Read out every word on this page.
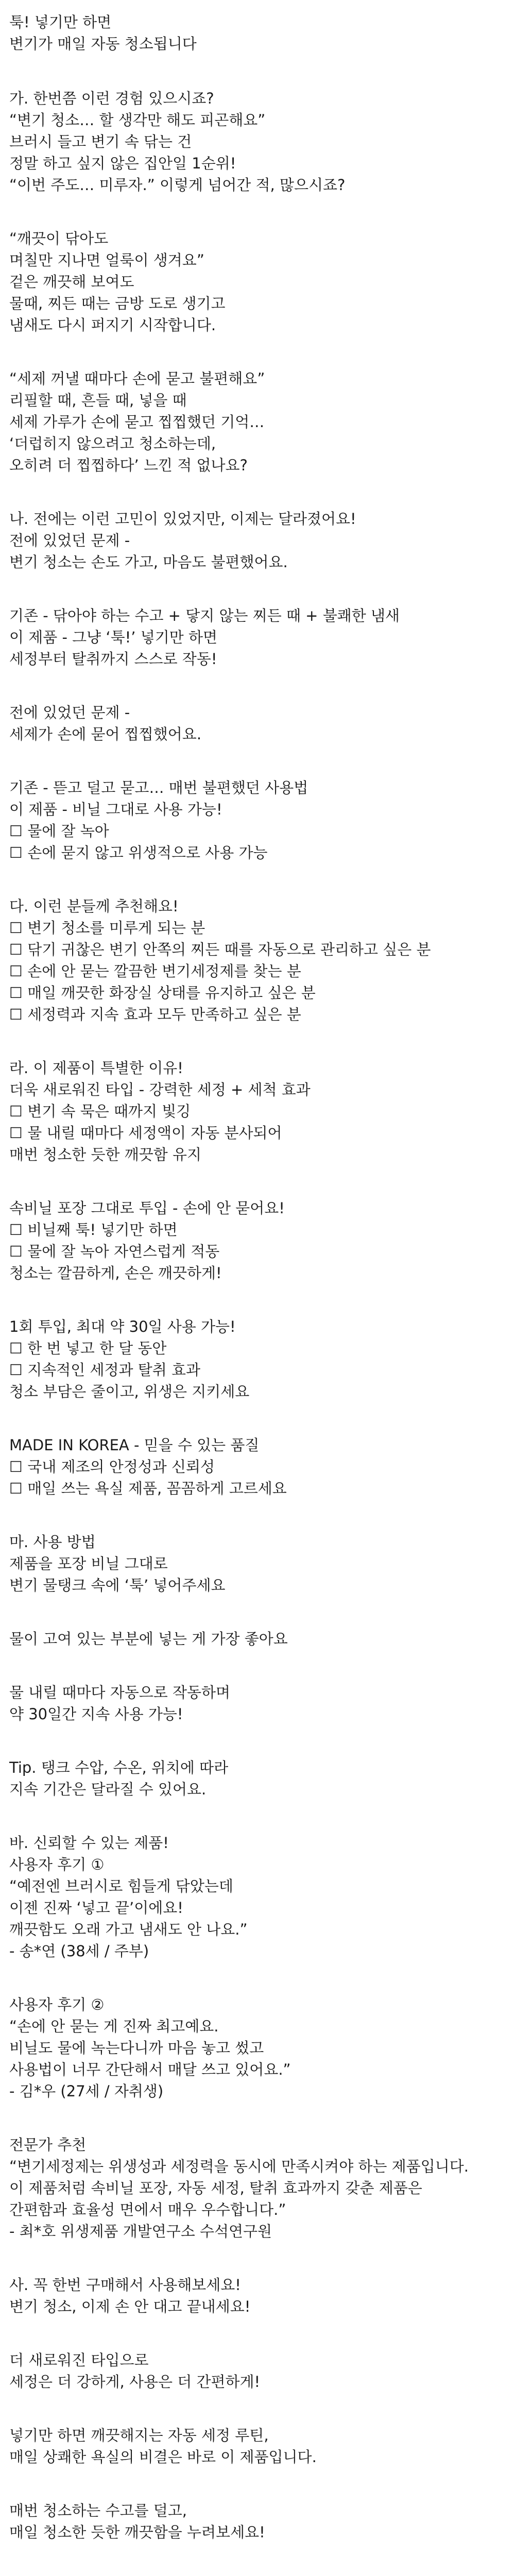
툭! 넣기만 하면
변기가 매일 자동 청소됩니다
가. 한번쯤 이런 경험 있으시죠?
“변기 청소… 할 생각만 해도 피곤해요”
브러시 들고 변기 속 닦는 건
정말 하고 싶지 않은 집안일 1순위!
“이번 주도… 미루자.” 이렇게 넘어간 적, 많으시죠?
“깨끗이 닦아도
며칠만 지나면 얼룩이 생겨요”
겉은 깨끗해 보여도
물때, 찌든 때는 금방 도로 생기고
냄새도 다시 퍼지기 시작합니다.
“세제 꺼낼 때마다 손에 묻고 불편해요”
리필할 때, 흔들 때, 넣을 때
세제 가루가 손에 묻고 찝찝했던 기억…
‘더럽히지 않으려고 청소하는데,
오히려 더 찝찝하다’ 느낀 적 없나요?
나. 전에는 이런 고민이 있었지만, 이제는 달라졌어요!
전에 있었던 문제 -
변기 청소는 손도 가고, 마음도 불편했어요.
기존 - 닦아야 하는 수고 + 닿지 않는 찌든 때 + 불쾌한 냄새
이 제품 - 그냥 ‘툭!’ 넣기만 하면
세정부터 탈취까지 스스로 작동!
전에 있었던 문제 -
세제가 손에 묻어 찝찝했어요.
기존 - 뜯고 덜고 묻고… 매번 불편했던 사용법
이 제품 - 비닐 그대로 사용 가능!
☐ 물에 잘 녹아
☐ 손에 묻지 않고 위생적으로 사용 가능
다. 이런 분들께 추천해요!
☐ 변기 청소를 미루게 되는 분
☐ 닦기 귀찮은 변기 안쪽의 찌든 때를 자동으로 관리하고 싶은 분
☐ 손에 안 묻는 깔끔한 변기세정제를 찾는 분
☐ 매일 깨끗한 화장실 상태를 유지하고 싶은 분
☐ 세정력과 지속 효과 모두 만족하고 싶은 분
라. 이 제품이 특별한 이유!
더욱 새로워진 타입 - 강력한 세정 + 세척 효과
☐ 변기 속 묵은 때까지 빛깅
☐ 물 내릴 때마다 세정액이 자동 분사되어
매번 청소한 듯한 깨끗함 유지
속비닐 포장 그대로 투입 - 손에 안 묻어요!
☐ 비닐째 툭! 넣기만 하면
☐ 물에 잘 녹아 자연스럽게 적동
청소는 깔끔하게, 손은 깨끗하게!
1회 투입, 최대 약 30일 사용 가능!
☐ 한 번 넣고 한 달 동안
☐ 지속적인 세정과 탈취 효과
청소 부담은 줄이고, 위생은 지키세요
MADE IN KOREA - 믿을 수 있는 품질
☐ 국내 제조의 안정성과 신뢰성
☐ 매일 쓰는 욕실 제품, 꼼꼼하게 고르세요
마. 사용 방법
제품을 포장 비닐 그대로
변기 물탱크 속에 ‘툭’ 넣어주세요
물이 고여 있는 부분에 넣는 게 가장 좋아요
물 내릴 때마다 자동으로 작동하며
약 30일간 지속 사용 가능!
Tip. 탱크 수압, 수온, 위치에 따라
지속 기간은 달라질 수 있어요.
바. 신뢰할 수 있는 제품!
사용자 후기 ①
“예전엔 브러시로 힘들게 닦았는데
이젠 진짜 ‘넣고 끝’이에요!
깨끗함도 오래 가고 냄새도 안 나요.”
- 송*연 (38세 / 주부)
사용자 후기 ②
“손에 안 묻는 게 진짜 최고예요.
비닐도 물에 녹는다니까 마음 놓고 썼고
사용법이 너무 간단해서 매달 쓰고 있어요.”
- 김*우 (27세 / 자취생)
전문가 추천
“변기세정제는 위생성과 세정력을 동시에 만족시켜야 하는 제품입니다.
이 제품처럼 속비닐 포장, 자동 세정, 탈취 효과까지 갖춘 제품은
간편함과 효율성 면에서 매우 우수합니다.”
- 최*호 위생제품 개발연구소 수석연구원
사. 꼭 한번 구매해서 사용해보세요!
변기 청소, 이제 손 안 대고 끝내세요!
더 새로워진 타입으로
세정은 더 강하게, 사용은 더 간편하게!
넣기만 하면 깨끗해지는 자동 세정 루틴,
매일 상쾌한 욕실의 비결은 바로 이 제품입니다.
매번 청소하는 수고를 덜고,
매일 청소한 듯한 깨끗함을 누려보세요!
